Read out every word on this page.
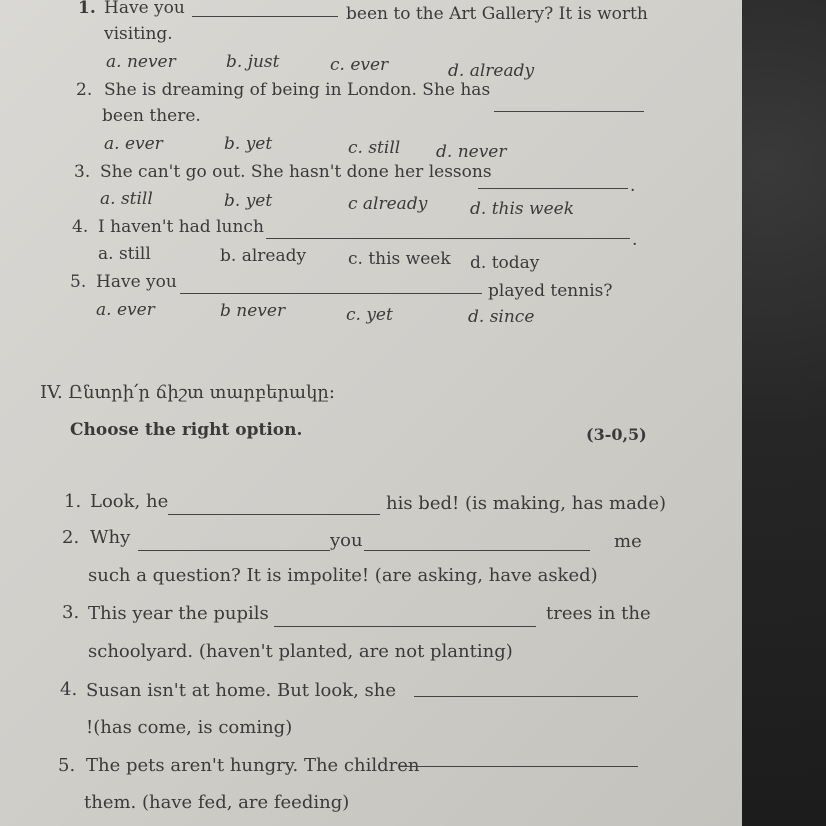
1. Have you	been to the Art Gallery? It is worth
visiting.
a. never	b. just	c. ever	d. already
2. She is dreaming of being in London. She has
been there.
a. ever	b. yet	c. still d. never
3. She can't go out. She hasn't done her lessons
.
a. still	b. yet	c already	d. this week
4. I haven't had lunch
.
a. still	b. already c. this week d. today
5. Have you	played tennis?
a. ever	b never	c. yet	d. since
IV. Ընտրի՛ր ճիշտ տարբերակը:
Choose the right option.	(3-0,5)
1. Look, he	his bed! (is making, has made)
2. Why	you	me
such a question? It is impolite! (are asking, have asked)
3. This year the pupils	trees in the
schoolyard. (haven't planted, are not planting)
4. Susan isn't at home. But look, she
!(has come, is coming)
5. The pets aren't hungry. The children
them. (have fed, are feeding)
